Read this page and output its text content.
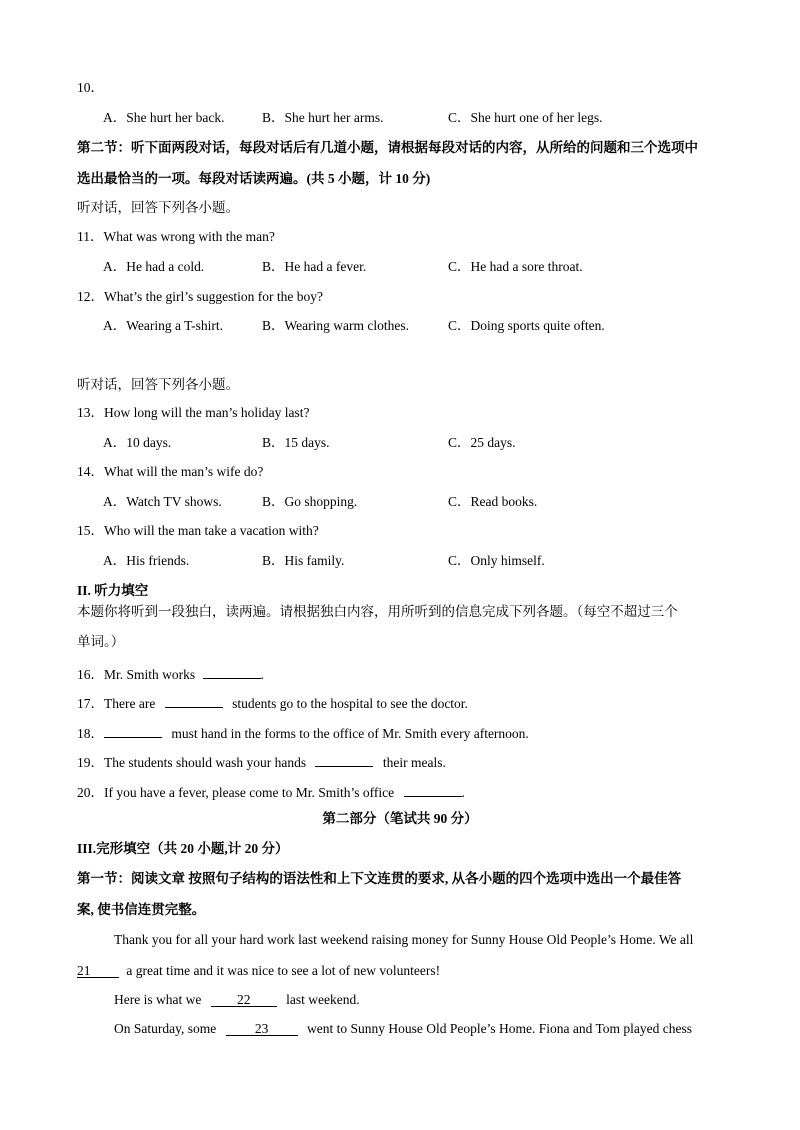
10．
A．She hurt her back.	B．She hurt her arms.	C．She hurt one of her legs.
第二节：听下面两段对话，每段对话后有几道小题，请根据每段对话的内容，从所给的问题和三个选项中
选出最恰当的一项。每段对话读两遍。(共 5 小题，计 10 分)
听对话，回答下列各小题。
11．What was wrong with the man?
A．He had a cold.	B．He had a fever.	C．He had a sore throat.
12．What’s the girl’s suggestion for the boy?
A．Wearing a T-shirt.	B．Wearing warm clothes.	C．Doing sports quite often.
听对话，回答下列各小题。
13．How long will the man’s holiday last?
A．10 days.	B．15 days.	C．25 days.
14．What will the man’s wife do?
A．Watch TV shows.	B．Go shopping.	C．Read books.
15．Who will the man take a vacation with?
A．His friends.	B．His family.	C．Only himself.
II. 听力填空
本题你将听到一段独白，读两遍。请根据独白内容，用所听到的信息完成下列各题。（每空不超过三个
单词。）
16．Mr. Smith works	.
17．There are	students go to the hospital to see the doctor.
18．	must hand in the forms to the office of Mr. Smith every afternoon.
19．The students should wash your hands	their meals.
20．If you have a fever, please come to Mr. Smith’s office	.
第二部分（笔试共 90 分）
III.完形填空（共 20 小题,计 20 分）
第一节：阅读文章 按照句子结构的语法性和上下文连贯的要求, 从各小题的四个选项中选出一个最佳答
案, 使书信连贯完整。
Thank you for all your hard work last weekend raising money for Sunny House Old People’s Home. We all
21	a great time and it was nice to see a lot of new volunteers!
Here is what we	22	last weekend.
On Saturday, some	23	went to Sunny House Old People’s Home. Fiona and Tom played chess
